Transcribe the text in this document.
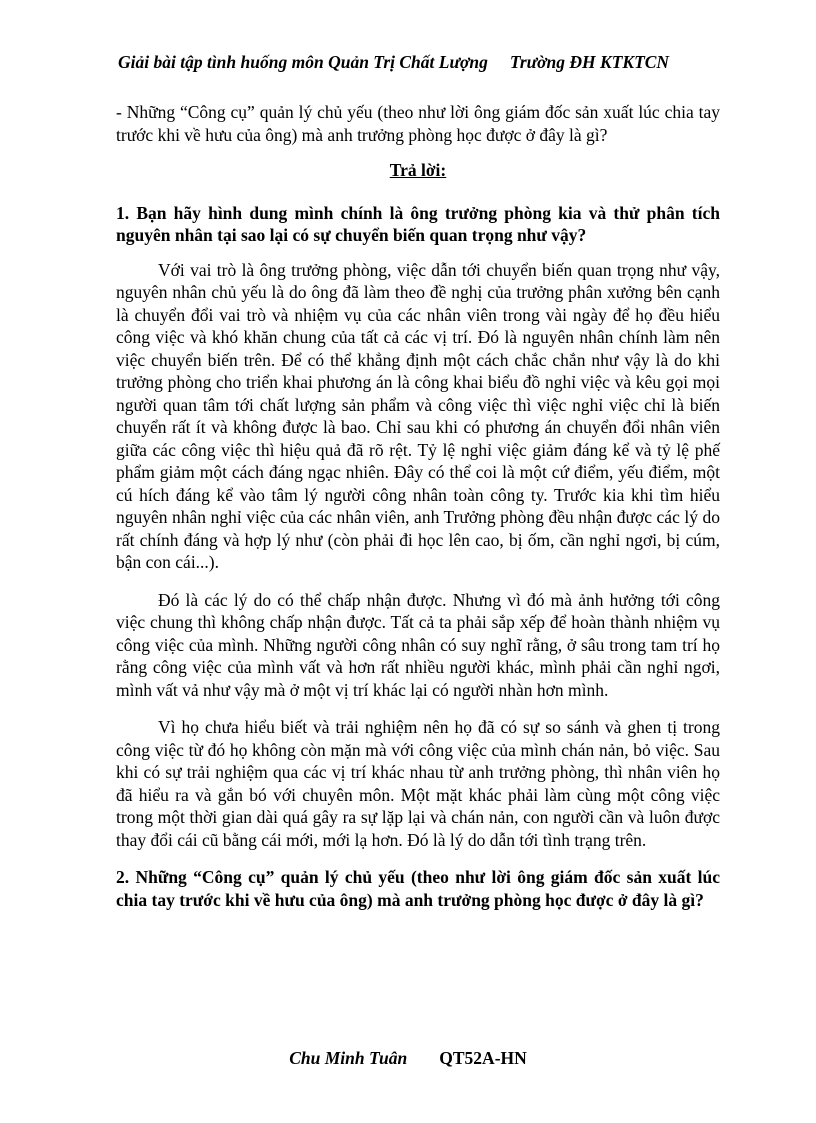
Giải bài tập tình huống môn Quản Trị Chất Lượng Trường ĐH KTKTCN

- Những “Công cụ” quản lý chủ yếu (theo như lời ông giám đốc sản xuất lúc chia tay trước khi về hưu của ông) mà anh trưởng phòng học được ở đây là gì?

Trả lời:

1. Bạn hãy hình dung mình chính là ông trưởng phòng kia và thử phân tích nguyên nhân tại sao lại có sự chuyển biến quan trọng như vậy?

Với vai trò là ông trưởng phòng, việc dẫn tới chuyển biến quan trọng như vậy, nguyên nhân chủ yếu là do ông đã làm theo đề nghị của trưởng phân xưởng bên cạnh là chuyển đổi vai trò và nhiệm vụ của các nhân viên trong vài ngày để họ đều hiểu công việc và khó khăn chung của tất cả các vị trí. Đó là nguyên nhân chính làm nên việc chuyển biến trên. Để có thể khẳng định một cách chắc chắn như vậy là do khi trưởng phòng cho triển khai phương án là công khai biểu đồ nghỉ việc và kêu gọi mọi người quan tâm tới chất lượng sản phẩm và công việc thì việc nghỉ việc chỉ là biến chuyển rất ít và không được là bao. Chỉ sau khi có phương án chuyển đổi nhân viên giữa các công việc thì hiệu quả đã rõ rệt. Tỷ lệ nghỉ việc giảm đáng kể và tỷ lệ phế phẩm giảm một cách đáng ngạc nhiên. Đây có thể coi là một cứ điểm, yếu điểm, một cú hích đáng kể vào tâm lý người công nhân toàn công ty. Trước kia khi tìm hiểu nguyên nhân nghỉ việc của các nhân viên, anh Trưởng phòng đều nhận được các lý do rất chính đáng và hợp lý như (còn phải đi học lên cao, bị ốm, cần nghỉ ngơi, bị cúm, bận con cái...).

Đó là các lý do có thể chấp nhận được. Nhưng vì đó mà ảnh hưởng tới công việc chung thì không chấp nhận được. Tất cả ta phải sắp xếp để hoàn thành nhiệm vụ công việc của mình. Những người công nhân có suy nghĩ rằng, ở sâu trong tam trí họ rằng công việc của mình vất và hơn rất nhiều người khác, mình phải cần nghỉ ngơi, mình vất vả như vậy mà ở một vị trí khác lại có người nhàn hơn mình.

Vì họ chưa hiểu biết và trải nghiệm nên họ đã có sự so sánh và ghen tị trong công việc từ đó họ không còn mặn mà với công việc của mình chán nản, bỏ việc. Sau khi có sự trải nghiệm qua các vị trí khác nhau từ anh trưởng phòng, thì nhân viên họ đã hiểu ra và gắn bó với chuyên môn. Một mặt khác phải làm cùng một công việc trong một thời gian dài quá gây ra sự lặp lại và chán nản, con người cần và luôn được thay đổi cái cũ bằng cái mới, mới lạ hơn. Đó là lý do dẫn tới tình trạng trên.

2. Những “Công cụ” quản lý chủ yếu (theo như lời ông giám đốc sản xuất lúc chia tay trước khi về hưu của ông) mà anh trưởng phòng học được ở đây là gì?

Chu Minh Tuân QT52A-HN
